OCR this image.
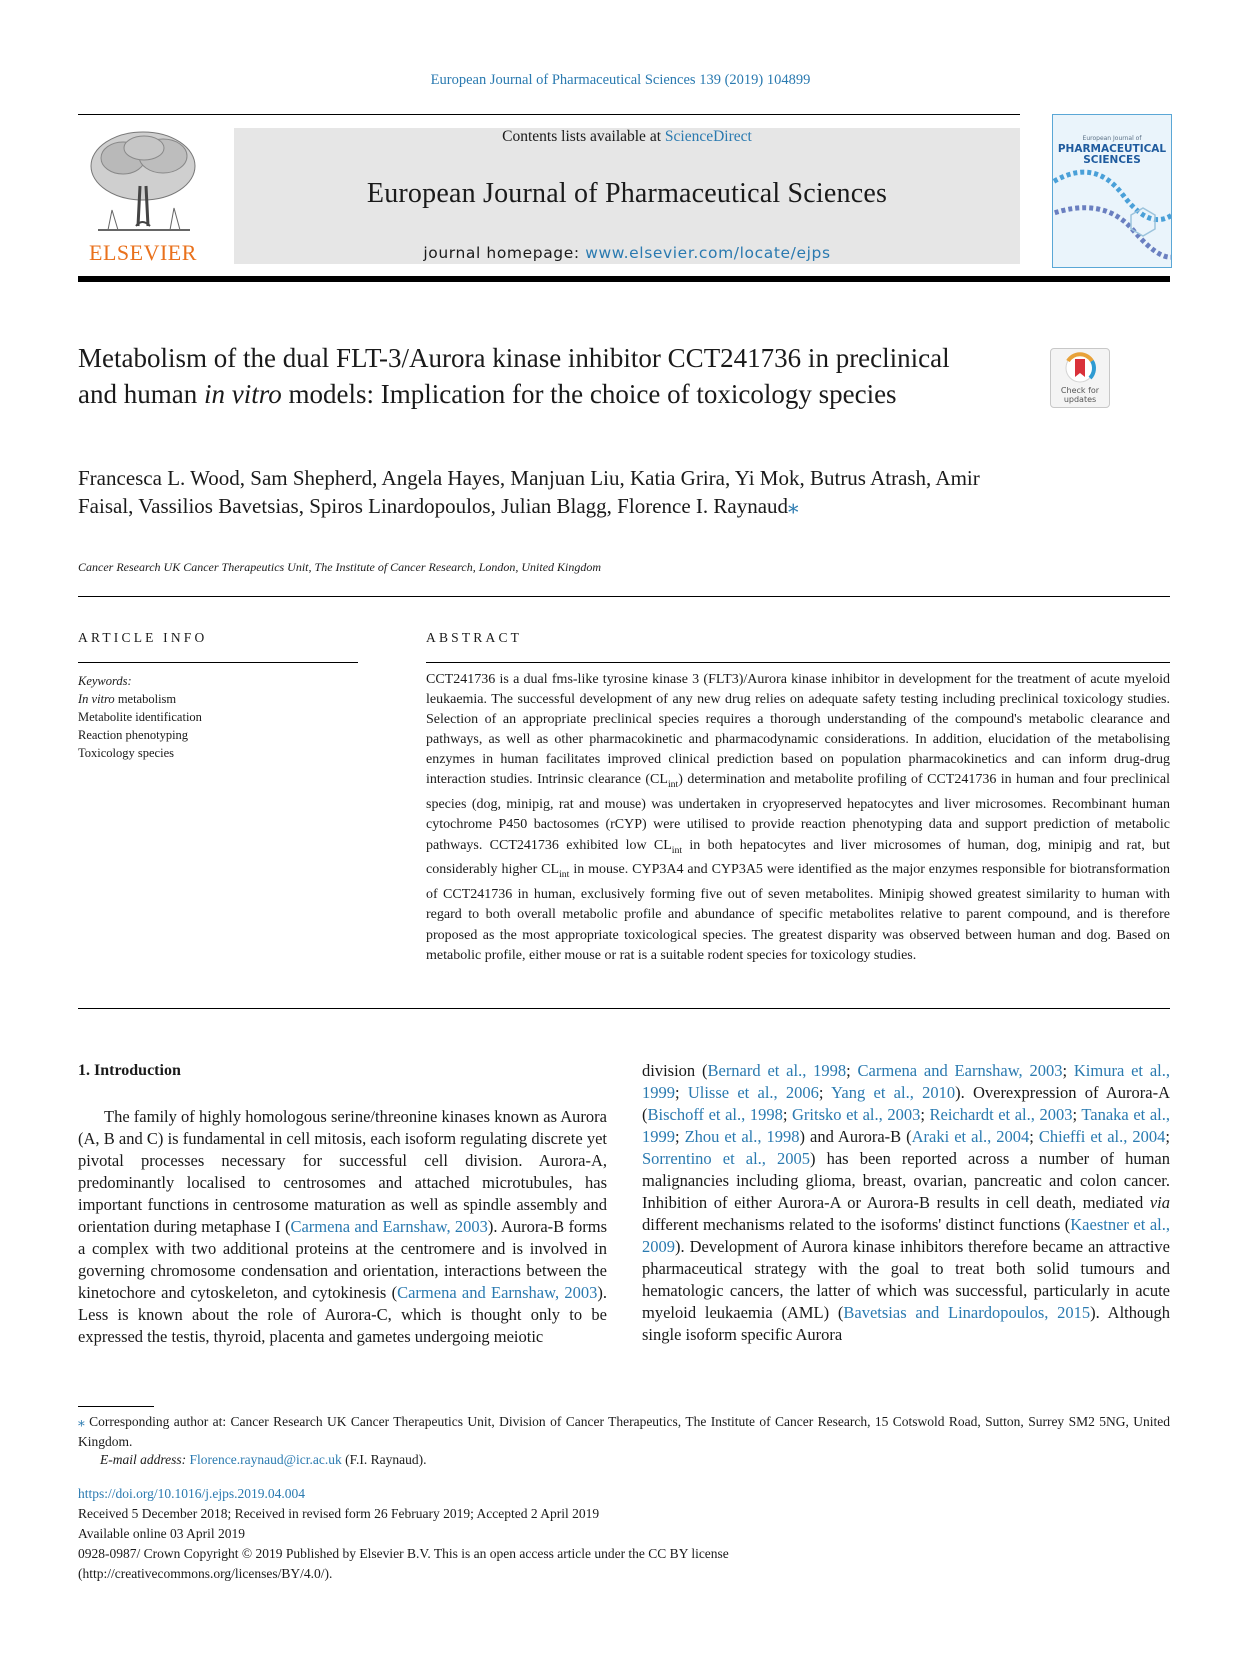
European Journal of Pharmaceutical Sciences 139 (2019) 104899
ELSEVIER
Contents lists available at ScienceDirect
European Journal of Pharmaceutical Sciences
journal homepage: www.elsevier.com/locate/ejps
European Journal of
PHARMACEUTICAL SCIENCES
Metabolism of the dual FLT-3/Aurora kinase inhibitor CCT241736 in preclinical and human in vitro models: Implication for the choice of toxicology species	Check for updates
Francesca L. Wood, Sam Shepherd, Angela Hayes, Manjuan Liu, Katia Grira, Yi Mok, Butrus Atrash, Amir Faisal, Vassilios Bavetsias, Spiros Linardopoulos, Julian Blagg, Florence I. Raynaud⁎
Cancer Research UK Cancer Therapeutics Unit, The Institute of Cancer Research, London, United Kingdom
ARTICLE INFO	ABSTRACT
Keywords:
In vitro metabolism
Metabolite identification
Reaction phenotyping
Toxicology species
CCT241736 is a dual fms-like tyrosine kinase 3 (FLT3)/Aurora kinase inhibitor in development for the treatment of acute myeloid leukaemia. The successful development of any new drug relies on adequate safety testing including preclinical toxicology studies. Selection of an appropriate preclinical species requires a thorough understanding of the compound's metabolic clearance and pathways, as well as other pharmacokinetic and pharmacodynamic considerations. In addition, elucidation of the metabolising enzymes in human facilitates improved clinical prediction based on population pharmacokinetics and can inform drug-drug interaction studies. Intrinsic clearance $(CL_{int})$ determination and metabolite profiling of CCT241736 in human and four preclinical species (dog, minipig, rat and mouse) was undertaken in cryopreserved hepatocytes and liver microsomes. Recombinant human cytochrome P450 bactosomes (rCYP) were utilised to provide reaction phenotyping data and support prediction of metabolic pathways. CCT241736 exhibited low $CL_{int}$ in both hepatocytes and liver microsomes of human, dog, minipig and rat, but considerably higher $CL_{int}$ in mouse. CYP3A4 and CYP3A5 were identified as the major enzymes responsible for biotransformation of CCT241736 in human, exclusively forming five out of seven metabolites. Minipig showed greatest similarity to human with regard to both overall metabolic profile and abundance of specific metabolites relative to parent compound, and is therefore proposed as the most appropriate toxicological species. The greatest disparity was observed between human and dog. Based on metabolic profile, either mouse or rat is a suitable rodent species for toxicology studies.
1. Introduction
The family of highly homologous serine/threonine kinases known as Aurora (A, B and C) is fundamental in cell mitosis, each isoform regulating discrete yet pivotal processes necessary for successful cell division. Aurora-A, predominantly localised to centrosomes and attached microtubules, has important functions in centrosome maturation as well as spindle assembly and orientation during metaphase I (Carmena and Earnshaw, 2003). Aurora-B forms a complex with two additional proteins at the centromere and is involved in governing chromosome condensation and orientation, interactions between the kinetochore and cytoskeleton, and cytokinesis (Carmena and Earnshaw, 2003). Less is known about the role of Aurora-C, which is thought only to be expressed the testis, thyroid, placenta and gametes undergoing meiotic
division (Bernard et al., 1998; Carmena and Earnshaw, 2003; Kimura et al., 1999; Ulisse et al., 2006; Yang et al., 2010). Overexpression of Aurora-A (Bischoff et al., 1998; Gritsko et al., 2003; Reichardt et al., 2003; Tanaka et al., 1999; Zhou et al., 1998) and Aurora-B (Araki et al., 2004; Chieffi et al., 2004; Sorrentino et al., 2005) has been reported across a number of human malignancies including glioma, breast, ovarian, pancreatic and colon cancer. Inhibition of either Aurora-A or Aurora-B results in cell death, mediated via different mechanisms related to the isoforms' distinct functions (Kaestner et al., 2009). Development of Aurora kinase inhibitors therefore became an attractive pharmaceutical strategy with the goal to treat both solid tumours and hematologic cancers, the latter of which was successful, particularly in acute myeloid leukaemia (AML) (Bavetsias and Linardopoulos, 2015). Although single isoform specific Aurora
⁎ Corresponding author at: Cancer Research UK Cancer Therapeutics Unit, Division of Cancer Therapeutics, The Institute of Cancer Research, 15 Cotswold Road, Sutton, Surrey SM2 5NG, United Kingdom.
E-mail address: Florence.raynaud@icr.ac.uk (F.I. Raynaud).
https://doi.org/10.1016/j.ejps.2019.04.004
Received 5 December 2018; Received in revised form 26 February 2019; Accepted 2 April 2019
Available online 03 April 2019
0928-0987/ Crown Copyright © 2019 Published by Elsevier B.V. This is an open access article under the CC BY license
(http://creativecommons.org/licenses/BY/4.0/).
